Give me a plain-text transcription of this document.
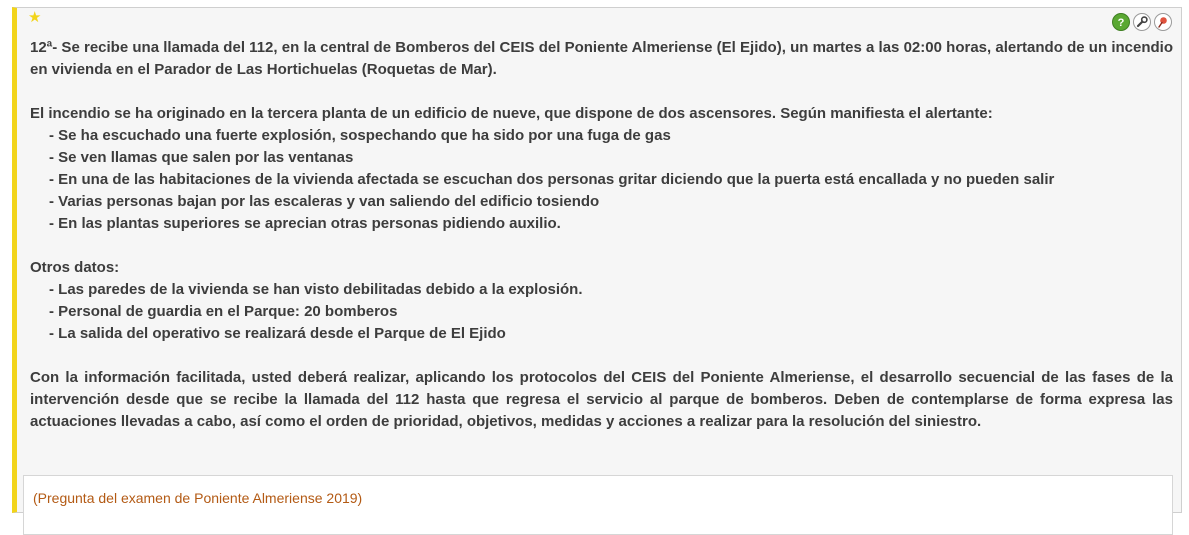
★	?

12ª- Se recibe una llamada del 112, en la central de Bomberos del CEIS del Poniente Almeriense (El Ejido), un martes a las 02:00 horas, alertando de un incendio en vivienda en el Parador de Las Hortichuelas (Roquetas de Mar).

El incendio se ha originado en la tercera planta de un edificio de nueve, que dispone de dos ascensores. Según manifiesta el alertante:

- Se ha escuchado una fuerte explosión, sospechando que ha sido por una fuga de gas

- Se ven llamas que salen por las ventanas

- En una de las habitaciones de la vivienda afectada se escuchan dos personas gritar diciendo que la puerta está encallada y no pueden salir

- Varias personas bajan por las escaleras y van saliendo del edificio tosiendo

- En las plantas superiores se aprecian otras personas pidiendo auxilio.

Otros datos:

- Las paredes de la vivienda se han visto debilitadas debido a la explosión.

- Personal de guardia en el Parque: 20 bomberos

- La salida del operativo se realizará desde el Parque de El Ejido

Con la información facilitada, usted deberá realizar, aplicando los protocolos del CEIS del Poniente Almeriense, el desarrollo secuencial de las fases de la intervención desde que se recibe la llamada del 112 hasta que regresa el servicio al parque de bomberos. Deben de contemplarse de forma expresa las actuaciones llevadas a cabo, así como el orden de prioridad, objetivos, medidas y acciones a realizar para la resolución del siniestro.

(Pregunta del examen de Poniente Almeriense 2019)
